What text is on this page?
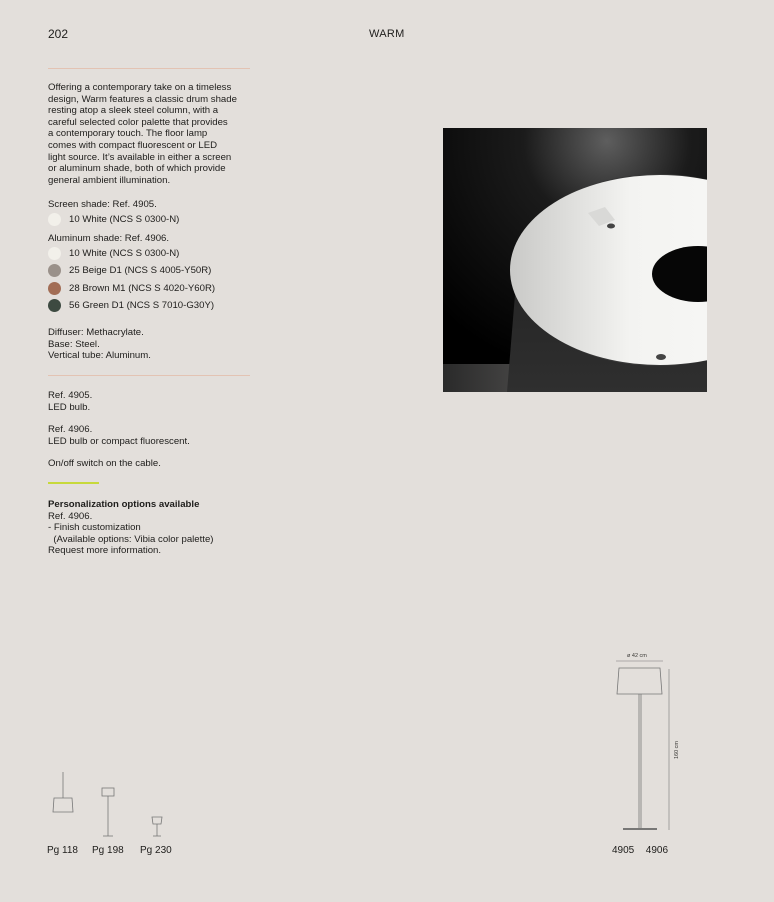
202	WARM
Offering a contemporary take on a timeless
design, Warm features a classic drum shade
resting atop a sleek steel column, with a
careful selected color palette that provides
a contemporary touch. The floor lamp
comes with compact fluorescent or LED
light source. It’s available in either a screen
or aluminum shade, both of which provide
general ambient illumination.
Screen shade: Ref. 4905.
10 White (NCS S 0300-N)
Aluminum shade: Ref. 4906.
10 White (NCS S 0300-N)
25 Beige D1 (NCS S 4005-Y50R)
28 Brown M1 (NCS S 4020-Y60R)
56 Green D1 (NCS S 7010-G30Y)
Diffuser: Methacrylate.
Base: Steel.
Vertical tube: Aluminum.
Ref. 4905.
LED bulb.
Ref. 4906.
LED bulb or compact fluorescent.
On/off switch on the cable.
Personalization options available
Ref. 4906.
- Finish customization
(Available options: Vibia color palette)
Request more information.
Pg 118 Pg 198 Pg 230
ø 42 cm
160 cm
4905  4906
